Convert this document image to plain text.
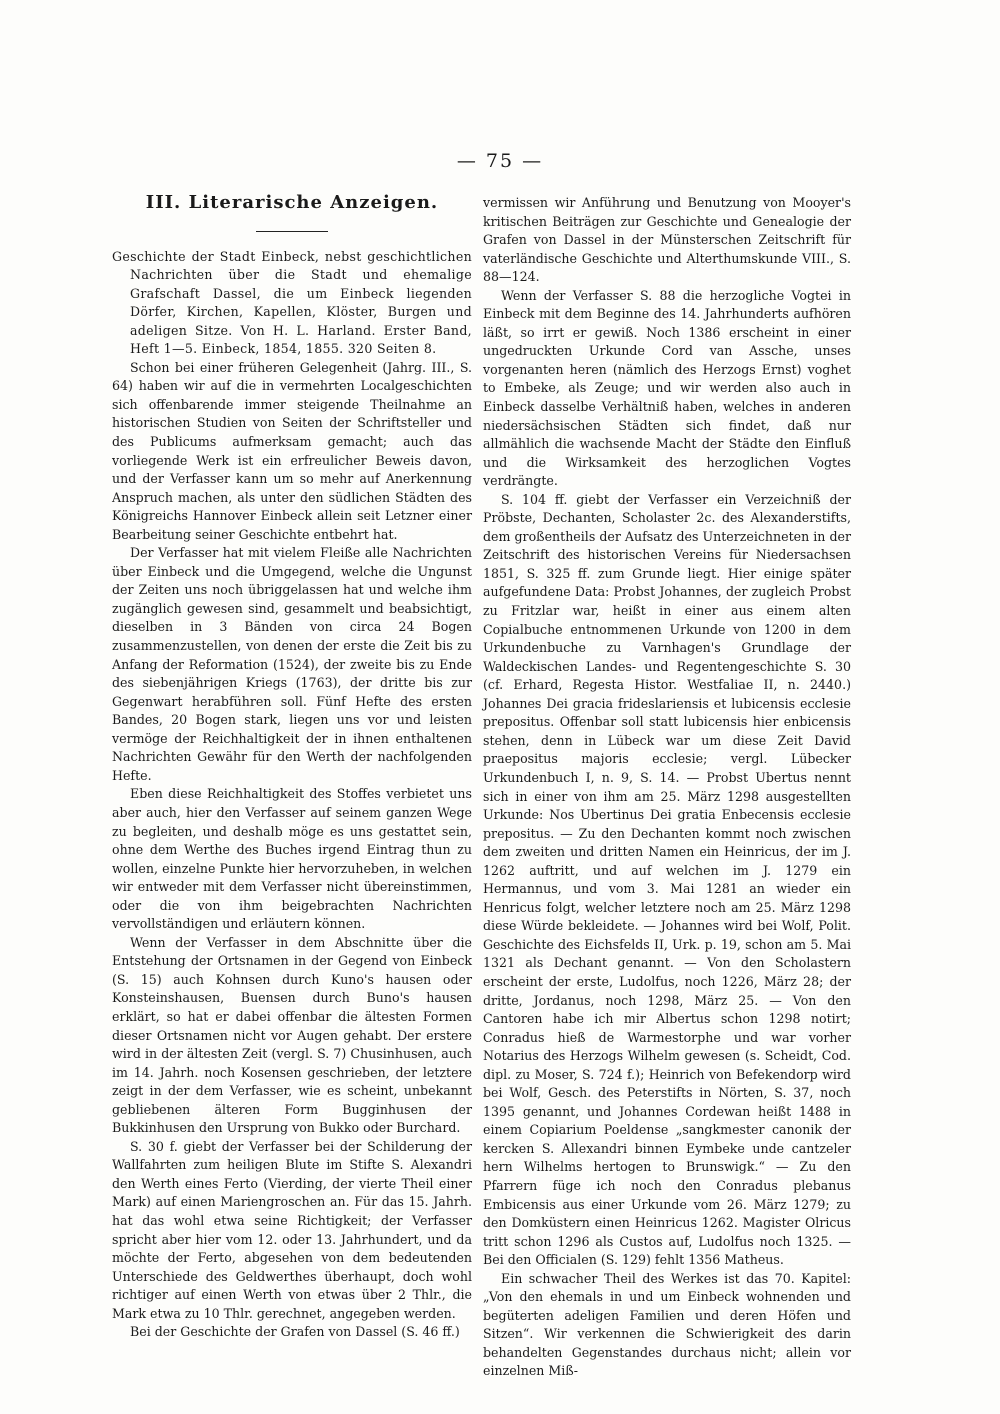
— 75 —
III. Literarische Anzeigen.

Geschichte der Stadt Einbeck, nebst geschichtlichen Nachrichten über die Stadt und ehemalige Grafschaft Dassel, die um Einbeck liegenden Dörfer, Kirchen, Kapellen, Klöster, Burgen und adeligen Sitze. Von H. L. Harland. Erster Band, Heft 1—5. Einbeck, 1854, 1855. 320 Seiten 8.

Schon bei einer früheren Gelegenheit (Jahrg. III., S. 64) haben wir auf die in vermehrten Localgeschichten sich offenbarende immer steigende Theilnahme an historischen Studien von Seiten der Schriftsteller und des Publicums aufmerksam gemacht; auch das vorliegende Werk ist ein erfreulicher Beweis davon, und der Verfasser kann um so mehr auf Anerkennung Anspruch machen, als unter den südlichen Städten des Königreichs Hannover Einbeck allein seit Letzner einer Bearbeitung seiner Geschichte entbehrt hat.

Der Verfasser hat mit vielem Fleiße alle Nachrichten über Einbeck und die Umgegend, welche die Ungunst der Zeiten uns noch übriggelassen hat und welche ihm zugänglich gewesen sind, gesammelt und beabsichtigt, dieselben in 3 Bänden von circa 24 Bogen zusammenzustellen, von denen der erste die Zeit bis zu Anfang der Reformation (1524), der zweite bis zu Ende des siebenjährigen Kriegs (1763), der dritte bis zur Gegenwart herabführen soll. Fünf Hefte des ersten Bandes, 20 Bogen stark, liegen uns vor und leisten vermöge der Reichhaltigkeit der in ihnen enthaltenen Nachrichten Gewähr für den Werth der nachfolgenden Hefte.

Eben diese Reichhaltigkeit des Stoffes verbietet uns aber auch, hier den Verfasser auf seinem ganzen Wege zu begleiten, und deshalb möge es uns gestattet sein, ohne dem Werthe des Buches irgend Eintrag thun zu wollen, einzelne Punkte hier hervorzuheben, in welchen wir entweder mit dem Verfasser nicht übereinstimmen, oder die von ihm beigebrachten Nachrichten vervollständigen und erläutern können.

Wenn der Verfasser in dem Abschnitte über die Entstehung der Ortsnamen in der Gegend von Einbeck (S. 15) auch Kohnsen durch Kuno's hausen oder Konsteinshausen, Buensen durch Buno's hausen erklärt, so hat er dabei offenbar die ältesten Formen dieser Ortsnamen nicht vor Augen gehabt. Der erstere wird in der ältesten Zeit (vergl. S. 7) Chusinhusen, auch im 14. Jahrh. noch Kosensen geschrieben, der letztere zeigt in der dem Verfasser, wie es scheint, unbekannt gebliebenen älteren Form Bugginhusen der Bukkinhusen den Ursprung von Bukko oder Burchard.

S. 30 f. giebt der Verfasser bei der Schilderung der Wallfahrten zum heiligen Blute im Stifte S. Alexandri den Werth eines Ferto (Vierding, der vierte Theil einer Mark) auf einen Mariengroschen an. Für das 15. Jahrh. hat das wohl etwa seine Richtigkeit; der Verfasser spricht aber hier vom 12. oder 13. Jahrhundert, und da möchte der Ferto, abgesehen von dem bedeutenden Unterschiede des Geldwerthes überhaupt, doch wohl richtiger auf einen Werth von etwas über 2 Thlr., die Mark etwa zu 10 Thlr. gerechnet, angegeben werden.

Bei der Geschichte der Grafen von Dassel (S. 46 ff.)

vermissen wir Anführung und Benutzung von Mooyer's kritischen Beiträgen zur Geschichte und Genealogie der Grafen von Dassel in der Münsterschen Zeitschrift für vaterländische Geschichte und Alterthumskunde VIII., S. 88—124.

Wenn der Verfasser S. 88 die herzogliche Vogtei in Einbeck mit dem Beginne des 14. Jahrhunderts aufhören läßt, so irrt er gewiß. Noch 1386 erscheint in einer ungedruckten Urkunde Cord van Assche, unses vorgenanten heren (nämlich des Herzogs Ernst) voghet to Embeke, als Zeuge; und wir werden also auch in Einbeck dasselbe Verhältniß haben, welches in anderen niedersächsischen Städten sich findet, daß nur allmählich die wachsende Macht der Städte den Einfluß und die Wirksamkeit des herzoglichen Vogtes verdrängte.

S. 104 ff. giebt der Verfasser ein Verzeichniß der Pröbste, Dechanten, Scholaster 2c. des Alexanderstifts, dem großentheils der Aufsatz des Unterzeichneten in der Zeitschrift des historischen Vereins für Niedersachsen 1851, S. 325 ff. zum Grunde liegt. Hier einige später aufgefundene Data: Probst Johannes, der zugleich Probst zu Fritzlar war, heißt in einer aus einem alten Copialbuche entnommenen Urkunde von 1200 in dem Urkundenbuche zu Varnhagen's Grundlage der Waldeckischen Landes- und Regentengeschichte S. 30 (cf. Erhard, Regesta Histor. Westfaliae II, n. 2440.) Johannes Dei gracia frideslariensis et lubicensis ecclesie prepositus. Offenbar soll statt lubicensis hier enbicensis stehen, denn in Lübeck war um diese Zeit David praepositus majoris ecclesie; vergl. Lübecker Urkundenbuch I, n. 9, S. 14. — Probst Ubertus nennt sich in einer von ihm am 25. März 1298 ausgestellten Urkunde: Nos Ubertinus Dei gratia Enbecensis ecclesie prepositus. — Zu den Dechanten kommt noch zwischen dem zweiten und dritten Namen ein Heinricus, der im J. 1262 auftritt, und auf welchen im J. 1279 ein Hermannus, und vom 3. Mai 1281 an wieder ein Henricus folgt, welcher letztere noch am 25. März 1298 diese Würde bekleidete. — Johannes wird bei Wolf, Polit. Geschichte des Eichsfelds II, Urk. p. 19, schon am 5. Mai 1321 als Dechant genannt. — Von den Scholastern erscheint der erste, Ludolfus, noch 1226, März 28; der dritte, Jordanus, noch 1298, März 25. — Von den Cantoren habe ich mir Albertus schon 1298 notirt; Conradus hieß de Warmestorphe und war vorher Notarius des Herzogs Wilhelm gewesen (s. Scheidt, Cod. dipl. zu Moser, S. 724 f.); Heinrich von Befekendorp wird bei Wolf, Gesch. des Peterstifts in Nörten, S. 37, noch 1395 genannt, und Johannes Cordewan heißt 1488 in einem Copiarium Poeldense „sangkmester canonik der kercken S. Allexandri binnen Eymbeke unde cantzeler hern Wilhelms hertogen to Brunswigk.“ — Zu den Pfarrern füge ich noch den Conradus plebanus Embicensis aus einer Urkunde vom 26. März 1279; zu den Domküstern einen Heinricus 1262. Magister Olricus tritt schon 1296 als Custos auf, Ludolfus noch 1325. — Bei den Officialen (S. 129) fehlt 1356 Matheus.

Ein schwacher Theil des Werkes ist das 70. Kapitel: „Von den ehemals in und um Einbeck wohnenden und begüterten adeligen Familien und deren Höfen und Sitzen“. Wir verkennen die Schwierigkeit des darin behandelten Gegenstandes durchaus nicht; allein vor einzelnen Miß-
